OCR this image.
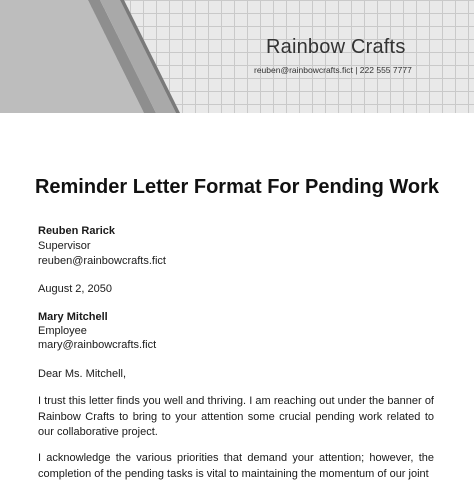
Rainbow Crafts
reuben@rainbowcrafts.fict | 222 555 7777
Reminder Letter Format For Pending Work
Reuben Rarick
Supervisor
reuben@rainbowcrafts.fict
August 2, 2050
Mary Mitchell
Employee
mary@rainbowcrafts.fict
Dear Ms. Mitchell,
I trust this letter finds you well and thriving. I am reaching out under the banner of Rainbow Crafts to bring to your attention some crucial pending work related to our collaborative project.
I acknowledge the various priorities that demand your attention; however, the completion of the pending tasks is vital to maintaining the momentum of our joint
